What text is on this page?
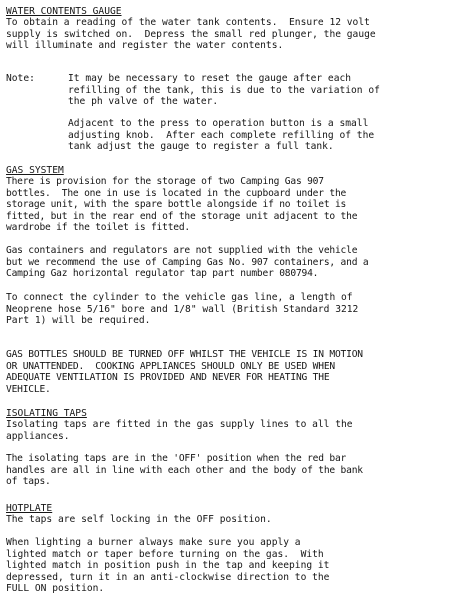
WATER CONTENTS GAUGE
To obtain a reading of the water tank contents.  Ensure 12 volt
supply is switched on.  Depress the small red plunger, the gauge
will illuminate and register the water contents.
Note:	It may be necessary to reset the gauge after each
refilling of the tank, this is due to the variation of
the ph valve of the water.
Adjacent to the press to operation button is a small
adjusting knob.  After each complete refilling of the
tank adjust the gauge to register a full tank.
GAS SYSTEM
There is provision for the storage of two Camping Gas 907
bottles.  The one in use is located in the cupboard under the
storage unit, with the spare bottle alongside if no toilet is
fitted, but in the rear end of the storage unit adjacent to the
wardrobe if the toilet is fitted.
Gas containers and regulators are not supplied with the vehicle
but we recommend the use of Camping Gas No. 907 containers, and a
Camping Gaz horizontal regulator tap part number 080794.
To connect the cylinder to the vehicle gas line, a length of
Neoprene hose 5/16" bore and 1/8" wall (British Standard 3212
Part 1) will be required.
GAS BOTTLES SHOULD BE TURNED OFF WHILST THE VEHICLE IS IN MOTION
OR UNATTENDED.  COOKING APPLIANCES SHOULD ONLY BE USED WHEN
ADEQUATE VENTILATION IS PROVIDED AND NEVER FOR HEATING THE
VEHICLE.
ISOLATING TAPS
Isolating taps are fitted in the gas supply lines to all the
appliances.
The isolating taps are in the 'OFF' position when the red bar
handles are all in line with each other and the body of the bank
of taps.
HOTPLATE
The taps are self locking in the OFF position.
When lighting a burner always make sure you apply a
lighted match or taper before turning on the gas.  With
lighted match in position push in the tap and keeping it
depressed, turn it in an anti-clockwise direction to the
FULL ON position.
